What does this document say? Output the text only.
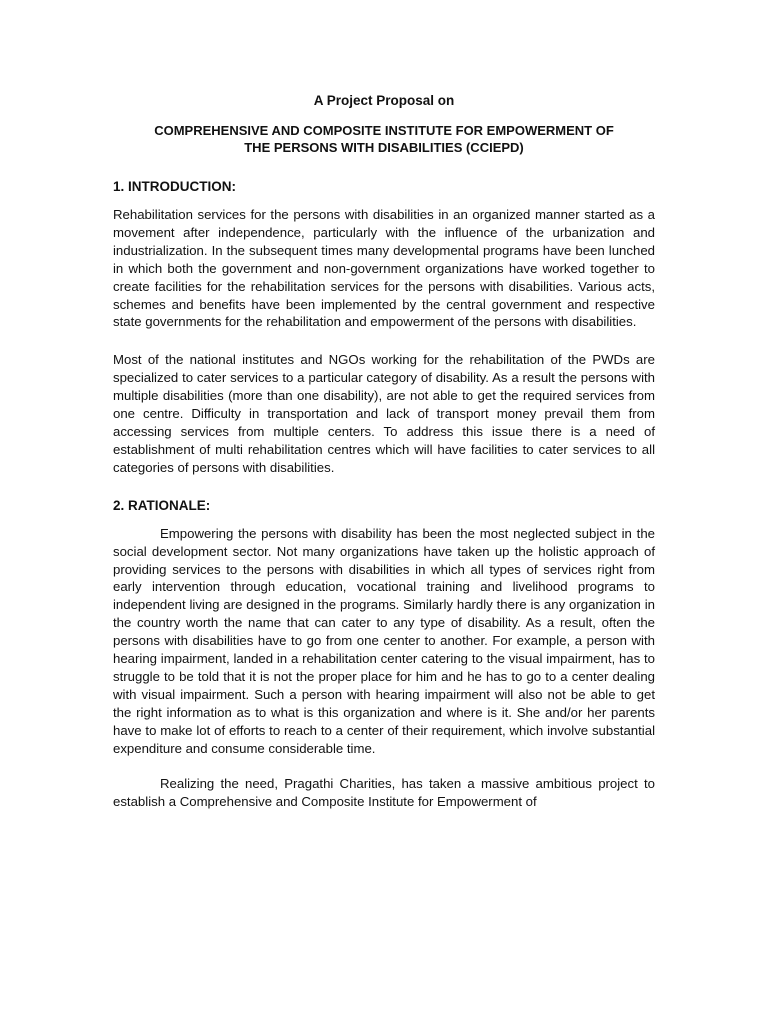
A Project Proposal on
COMPREHENSIVE AND COMPOSITE INSTITUTE FOR EMPOWERMENT OF
THE PERSONS WITH DISABILITIES (CCIEPD)
1. INTRODUCTION:

Rehabilitation services for the persons with disabilities in an organized manner started as a movement after independence, particularly with the influence of the urbanization and industrialization. In the subsequent times many developmental programs have been lunched in which both the government and non-government organizations have worked together to create facilities for the rehabilitation services for the persons with disabilities. Various acts, schemes and benefits have been implemented by the central government and respective state governments for the rehabilitation and empowerment of the persons with disabilities.

Most of the national institutes and NGOs working for the rehabilitation of the PWDs are specialized to cater services to a particular category of disability. As a result the persons with multiple disabilities (more than one disability), are not able to get the required services from one centre. Difficulty in transportation and lack of transport money prevail them from accessing services from multiple centers. To address this issue there is a need of establishment of multi rehabilitation centres which will have facilities to cater services to all categories of persons with disabilities.

2. RATIONALE:

Empowering the persons with disability has been the most neglected subject in the social development sector. Not many organizations have taken up the holistic approach of providing services to the persons with disabilities in which all types of services right from early intervention through education, vocational training and livelihood programs to independent living are designed in the programs. Similarly hardly there is any organization in the country worth the name that can cater to any type of disability. As a result, often the persons with disabilities have to go from one center to another. For example, a person with hearing impairment, landed in a rehabilitation center catering to the visual impairment, has to struggle to be told that it is not the proper place for him and he has to go to a center dealing with visual impairment. Such a person with hearing impairment will also not be able to get the right information as to what is this organization and where is it. She and/or her parents have to make lot of efforts to reach to a center of their requirement, which involve substantial expenditure and consume considerable time.

Realizing the need, Pragathi Charities, has taken a massive ambitious project to establish a Comprehensive and Composite Institute for Empowerment of
